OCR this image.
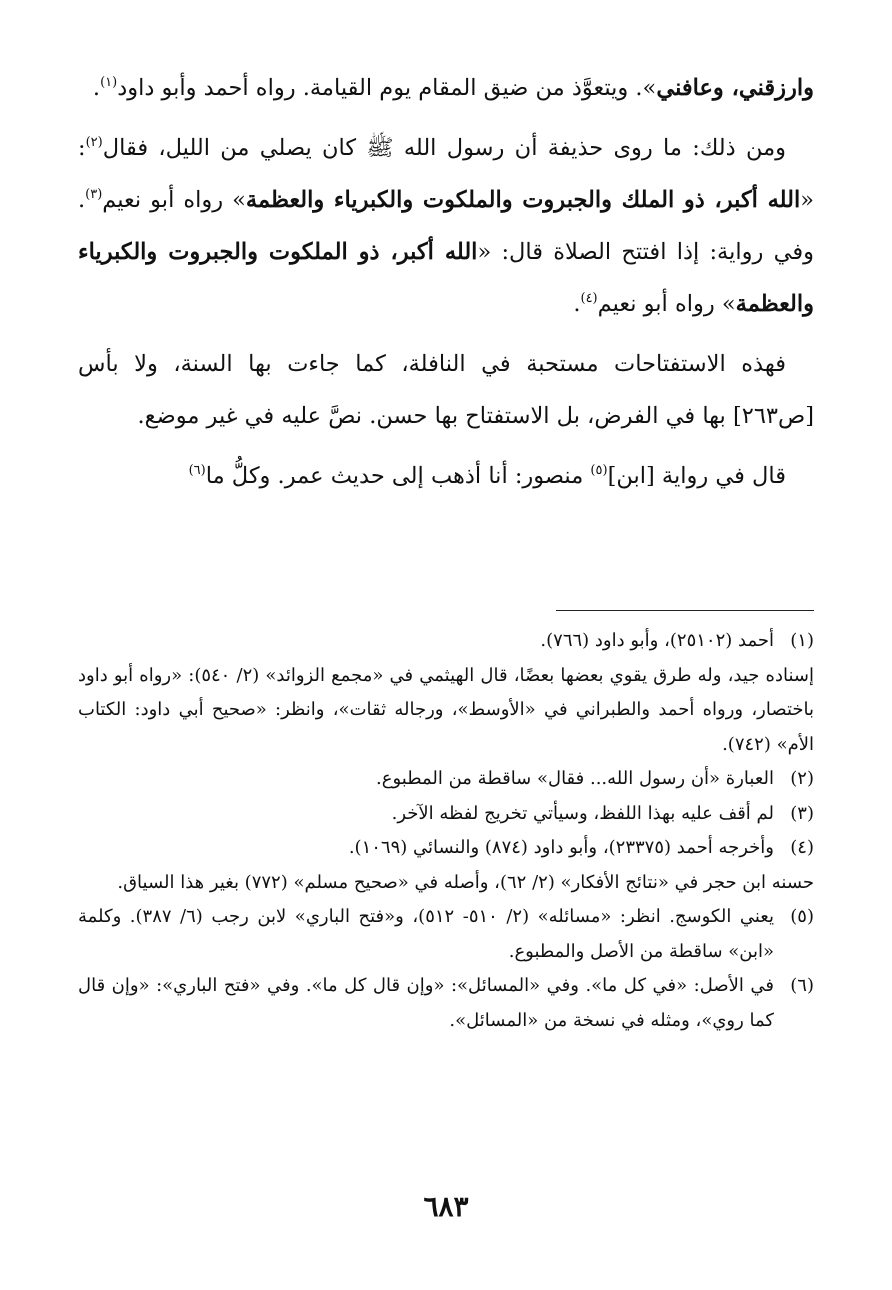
وارزقني، وعافني». ويتعوَّذ من ضيق المقام يوم القيامة. رواه أحمد وأبو داود$^{(١)}$.

ومن ذلك: ما روى حذيفة أن رسول الله ﷺ كان يصلي من الليل، فقال$^{(٢)}$: «الله أكبر، ذو الملك والجبروت والملكوت والكبرياء والعظمة» رواه أبو نعيم$^{(٣)}$. وفي رواية: إذا افتتح الصلاة قال: «الله أكبر، ذو الملكوت والجبروت والكبرياء والعظمة» رواه أبو نعيم$^{(٤)}$.

فهذه الاستفتاحات مستحبة في النافلة، كما جاءت بها السنة، ولا بأس [ص٢٦٣] بها في الفرض، بل الاستفتاح بها حسن. نصَّ عليه في غير موضع.

قال في رواية [ابن]$^{(٥)}$ منصور: أنا أذهب إلى حديث عمر. وكلُّ ما$^{(٦)}$

(١)
أحمد (٢٥١٠٢)، وأبو داود (٧٦٦).

إسناده جيد، وله طرق يقوي بعضها بعضًا، قال الهيثمي في «مجمع الزوائد» (٢/ ٥٤٠): «رواه أبو داود باختصار، ورواه أحمد والطبراني في «الأوسط»، ورجاله ثقات»، وانظر: «صحيح أبي داود: الكتاب الأم» (٧٤٢).

(٢)
العبارة «أن رسول الله... فقال» ساقطة من المطبوع.
(٣)
لم أقف عليه بهذا اللفظ، وسيأتي تخريج لفظه الآخر.
(٤)
وأخرجه أحمد (٢٣٣٧٥)، وأبو داود (٨٧٤) والنسائي (١٠٦٩).

حسنه ابن حجر في «نتائج الأفكار» (٢/ ٦٢)، وأصله في «صحيح مسلم» (٧٧٢) بغير هذا السياق.

(٥)
يعني الكوسج. انظر: «مسائله» (٢/ ٥١٠- ٥١٢)، و«فتح الباري» لابن رجب (٦/ ٣٨٧). وكلمة «ابن» ساقطة من الأصل والمطبوع.
(٦)
في الأصل: «في كل ما». وفي «المسائل»: «وإن قال كل ما». وفي «فتح الباري»: «وإن قال كما روي»، ومثله في نسخة من «المسائل».
٦٨٣
